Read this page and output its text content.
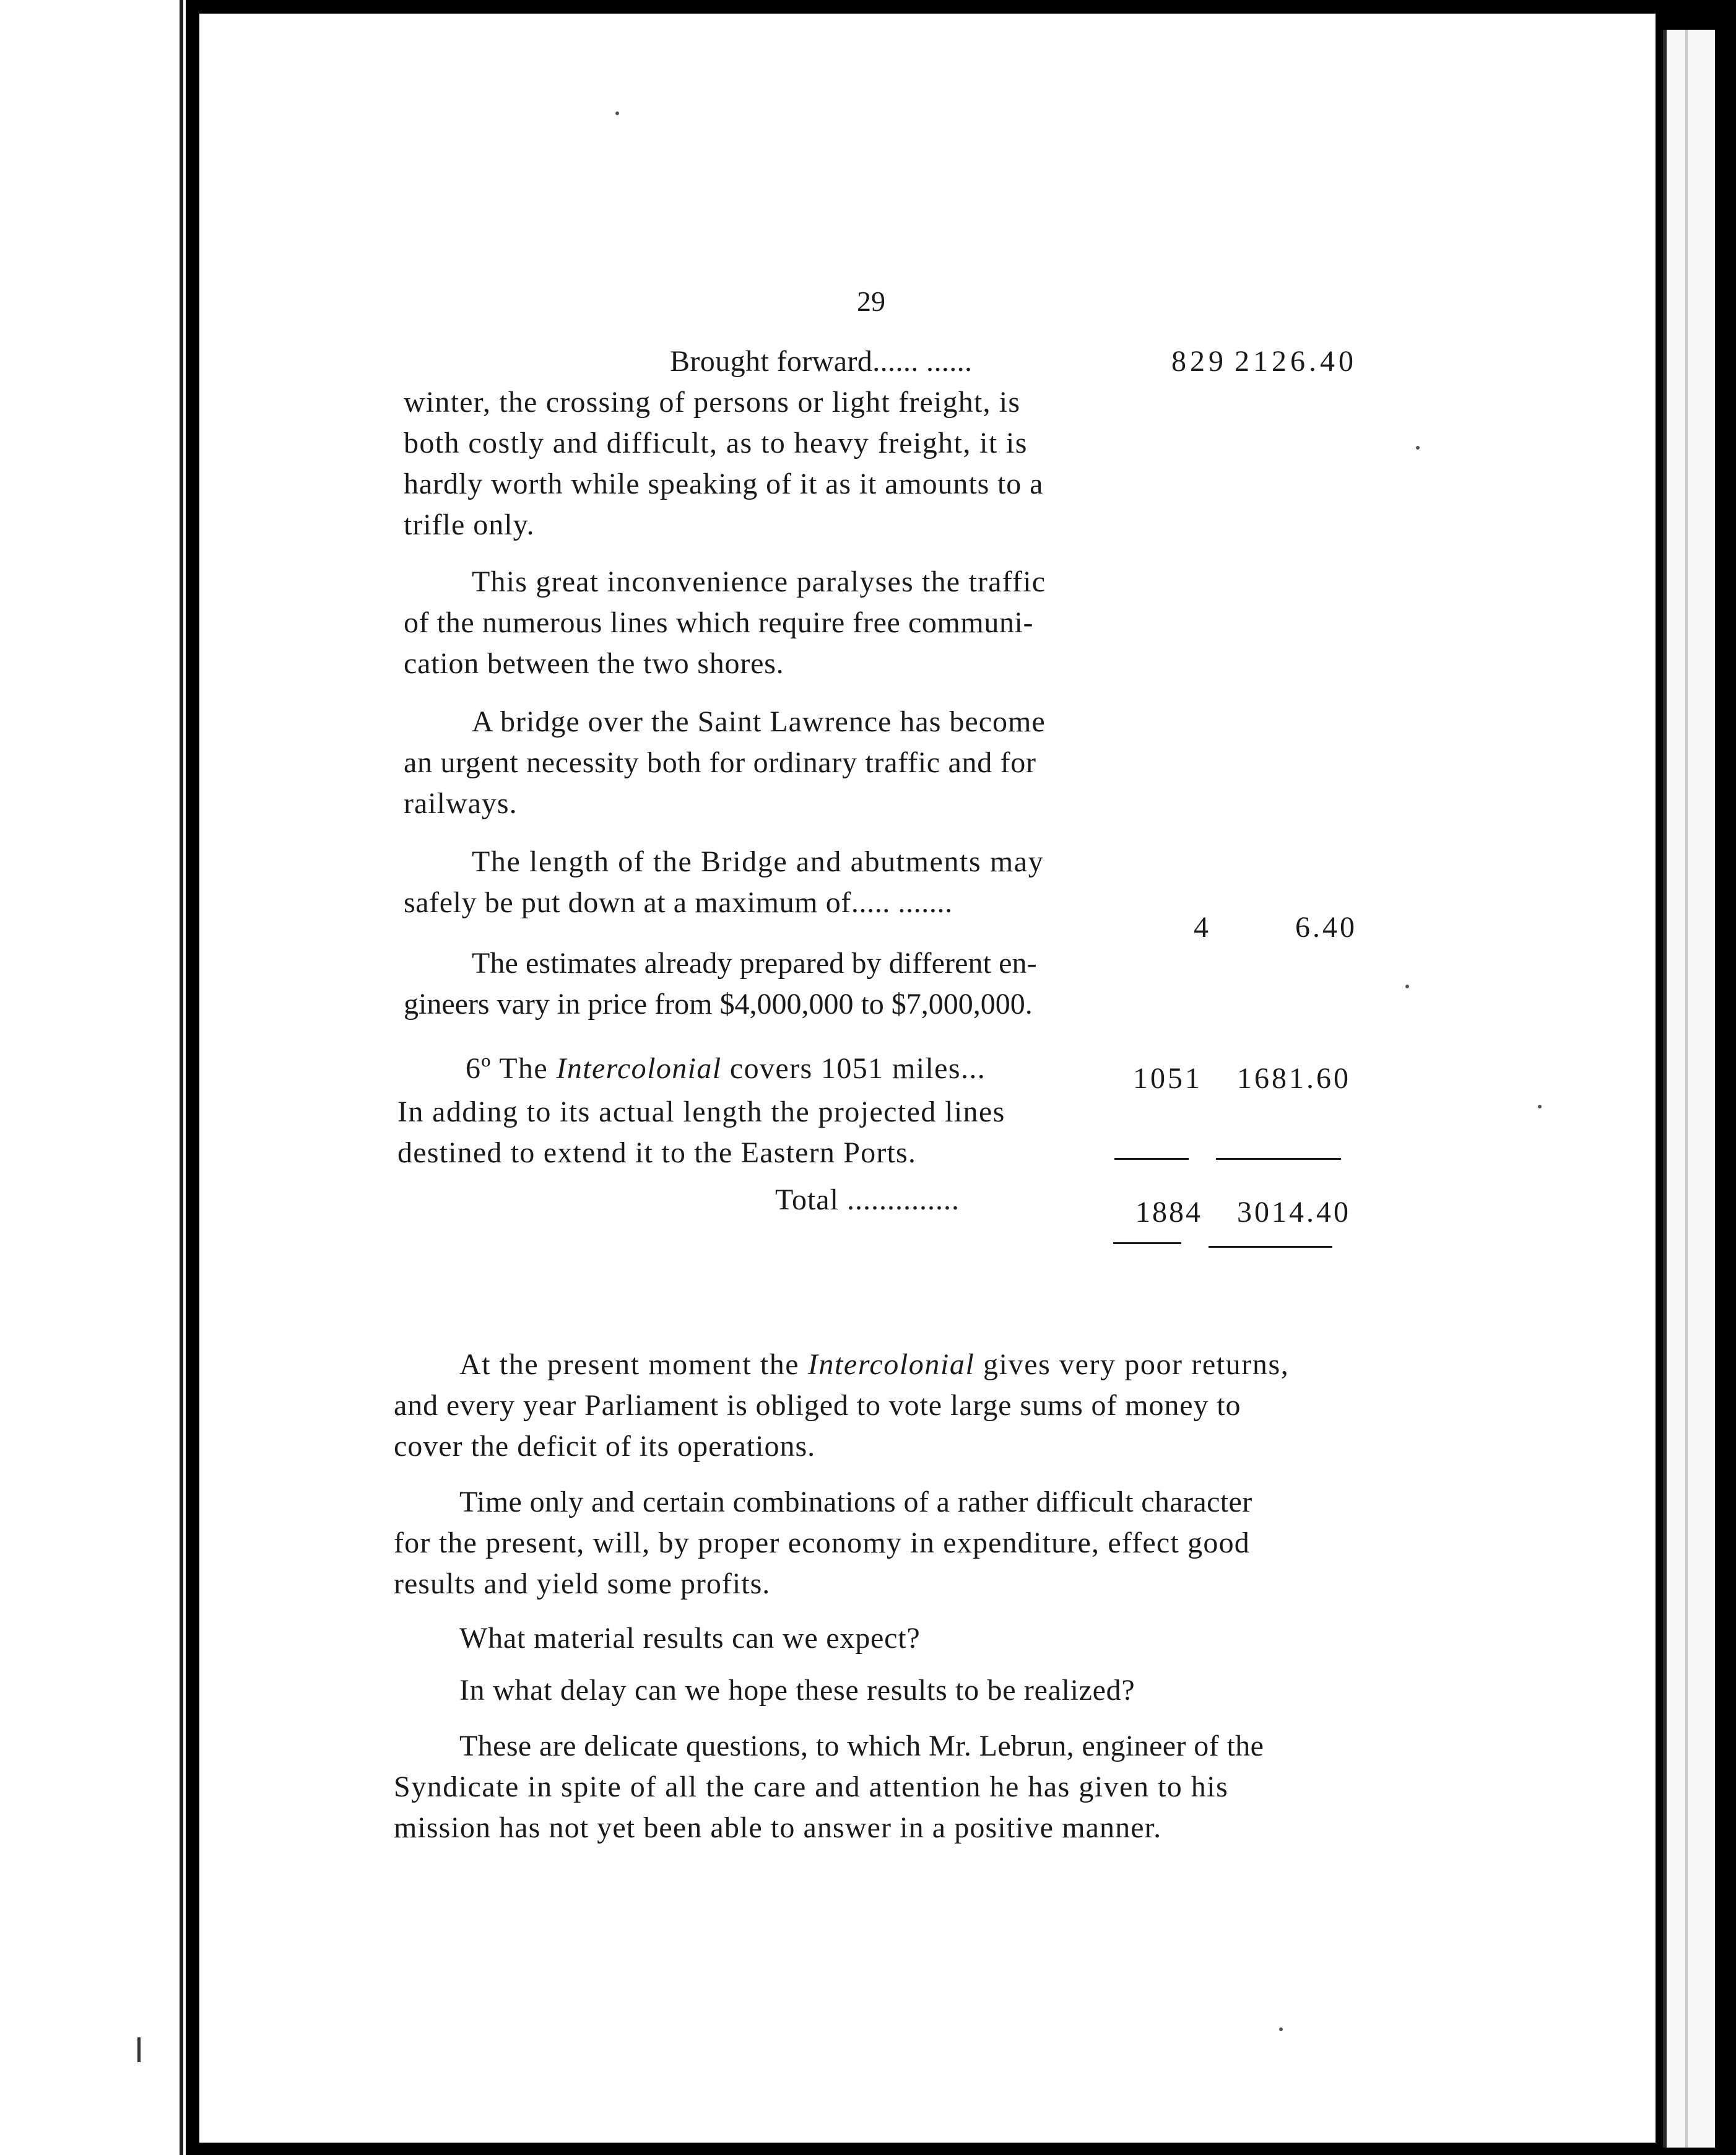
29
Brought forward...... ......	829 2126.40
winter, the crossing of persons or light freight, is
both costly and difficult, as to heavy freight, it is
hardly worth while speaking of it as it amounts to a
trifle only.
This great inconvenience paralyses the traffic
of the numerous lines which require free communi-
cation between the two shores.
A bridge over the Saint Lawrence has become
an urgent necessity both for ordinary traffic and for
railways.
The length of the Bridge and abutments may
safely be put down at a maximum of..... .......
4	6.40
The estimates already prepared by different en-
gineers vary in price from $4,000,000 to $7,000,000.
6º The Intercolonial covers 1051 miles...	1051	1681.60
In adding to its actual length the projected lines
destined to extend it to the Eastern Ports.
Total ..............	1884	3014.40
At the present moment the Intercolonial gives very poor returns,
and every year Parliament is obliged to vote large sums of money to
cover the deficit of its operations.
Time only and certain combinations of a rather difficult character
for the present, will, by proper economy in expenditure, effect good
results and yield some profits.
What material results can we expect?
In what delay can we hope these results to be realized?
These are delicate questions, to which Mr. Lebrun, engineer of the
Syndicate in spite of all the care and attention he has given to his
mission has not yet been able to answer in a positive manner.
